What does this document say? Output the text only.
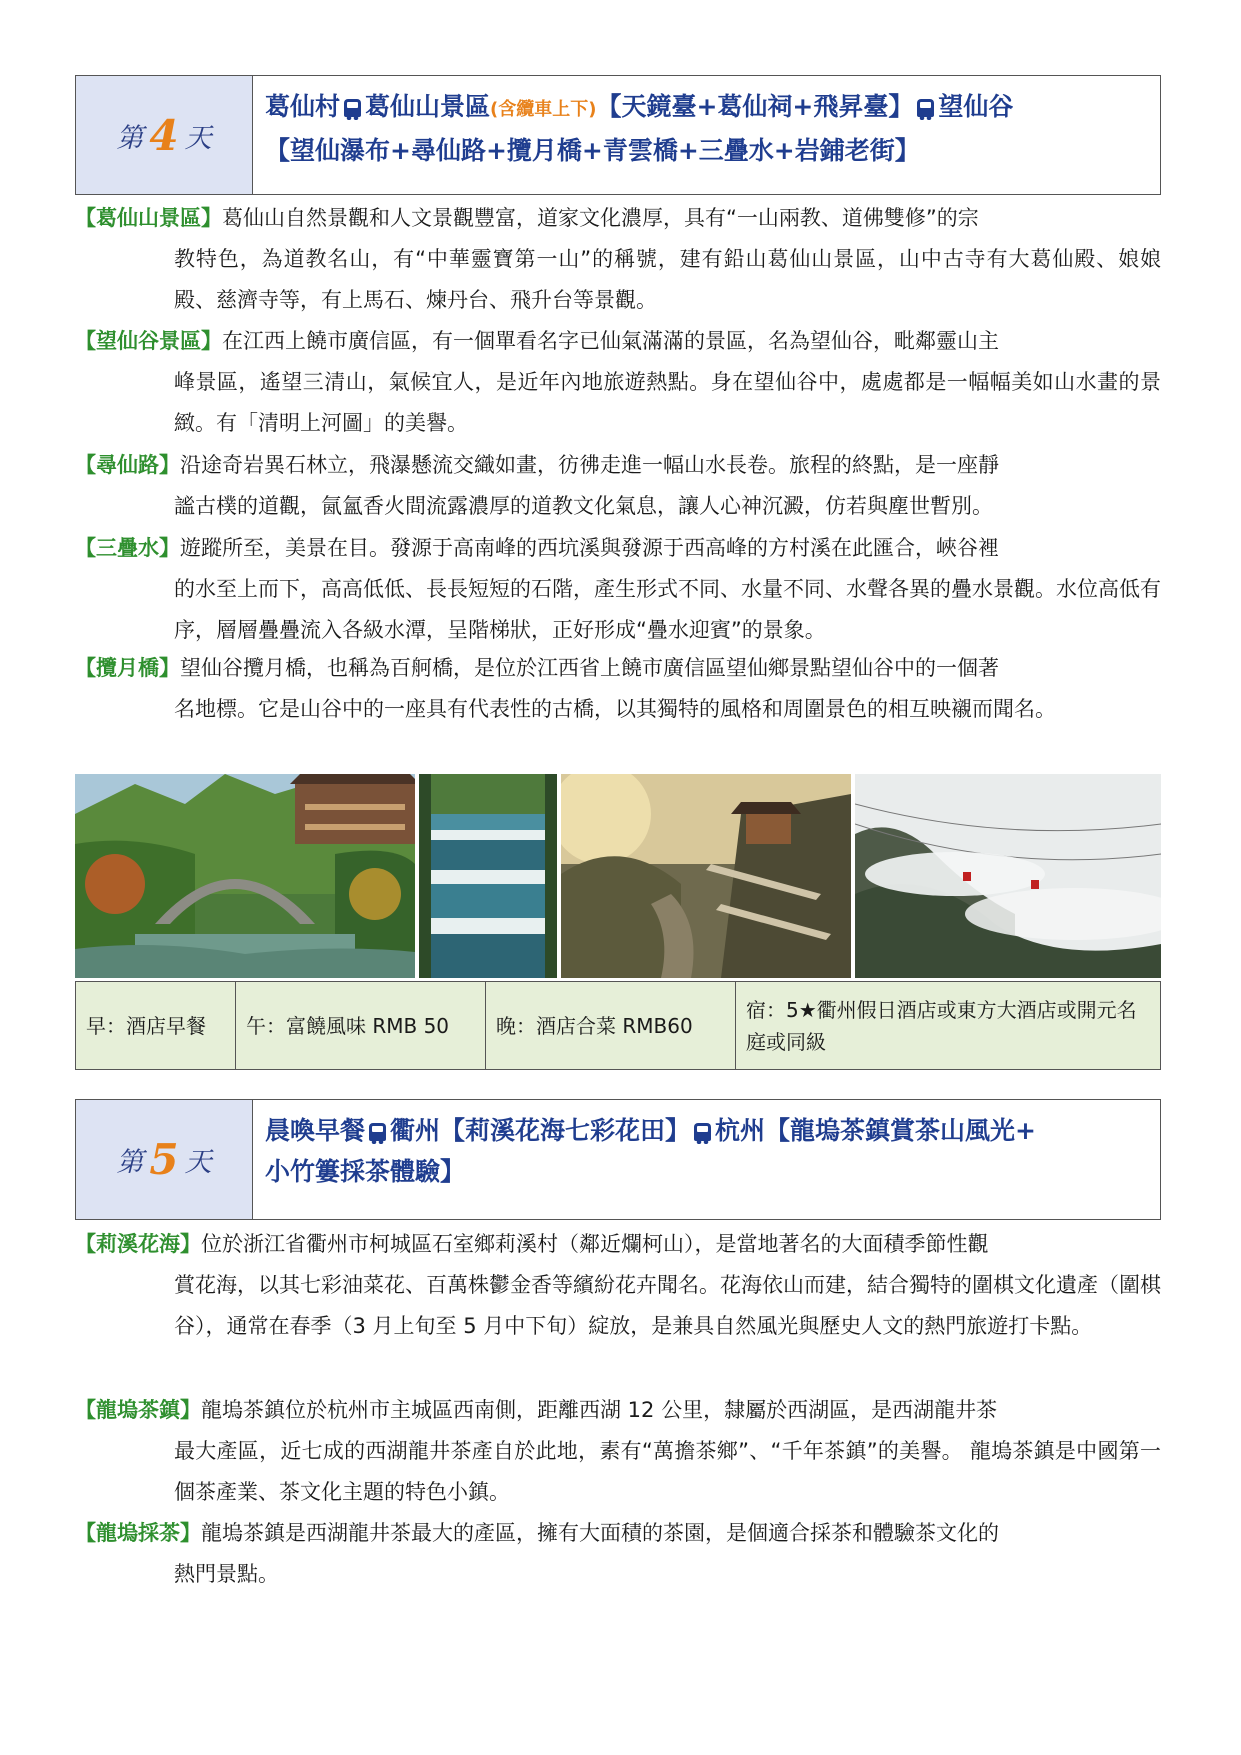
第 4 天
葛仙村 葛仙山景區(含纜車上下)【天鏡臺+葛仙祠+飛昇臺】 望仙谷
【望仙瀑布+尋仙路+攬月橋+青雲橋+三疊水+岩鋪老街】
【葛仙山景區】葛仙山自然景觀和人文景觀豐富，道家文化濃厚，具有“一山兩教、道佛雙修”的宗
教特色，為道教名山，有“中華靈寶第一山”的稱號，建有鉛山葛仙山景區，山中古寺有大葛仙殿、娘娘殿、慈濟寺等，有上馬石、煉丹台、飛升台等景觀。
【望仙谷景區】在江西上饒市廣信區，有一個單看名字已仙氣滿滿的景區，名為望仙谷，毗鄰靈山主
峰景區，遙望三清山，氣候宜人，是近年內地旅遊熱點。身在望仙谷中，處處都是一幅幅美如山水畫的景緻。有「清明上河圖」的美譽。
【尋仙路】沿途奇岩異石林立，飛瀑懸流交織如畫，彷彿走進一幅山水長卷。旅程的終點，是一座靜
謐古樸的道觀，氤氳香火間流露濃厚的道教文化氣息，讓人心神沉澱，仿若與塵世暫別。
【三疊水】遊蹤所至，美景在目。發源于高南峰的西坑溪與發源于西高峰的方村溪在此匯合，峽谷裡
的水至上而下，高高低低、長長短短的石階，產生形式不同、水量不同、水聲各異的疊水景觀。水位高低有序，層層疊疊流入各級水潭，呈階梯狀，正好形成“疊水迎賓”的景象。
【攬月橋】望仙谷攬月橋，也稱為百舸橋，是位於江西省上饒市廣信區望仙鄉景點望仙谷中的一個著
名地標。它是山谷中的一座具有代表性的古橋，以其獨特的風格和周圍景色的相互映襯而聞名。
早：酒店早餐	午：富饒風味 RMB 50	晚：酒店合菜 RMB60
宿：5★衢州假日酒店或東方大酒店或開元名庭或同級
第 5 天
晨喚早餐 衢州【莉溪花海七彩花田】 杭州【龍塢茶鎮賞茶山風光+
小竹簍採茶體驗】
【莉溪花海】位於浙江省衢州市柯城區石室鄉莉溪村（鄰近爛柯山），是當地著名的大面積季節性觀
賞花海，以其七彩油菜花、百萬株鬱金香等繽紛花卉聞名。花海依山而建，結合獨特的圍棋文化遺產（圍棋谷），通常在春季（3 月上旬至 5 月中下旬）綻放，是兼具自然風光與歷史人文的熱門旅遊打卡點。
【龍塢茶鎮】龍塢茶鎮位於杭州市主城區西南側，距離西湖 12 公里，隸屬於西湖區，是西湖龍井茶
最大產區，近七成的西湖龍井茶產自於此地，素有“萬擔茶鄉”、“千年茶鎮”的美譽。 龍塢茶鎮是中國第一個茶產業、茶文化主題的特色小鎮。
【龍塢採茶】龍塢茶鎮是西湖龍井茶最大的產區，擁有大面積的茶園，是個適合採茶和體驗茶文化的
熱門景點。
